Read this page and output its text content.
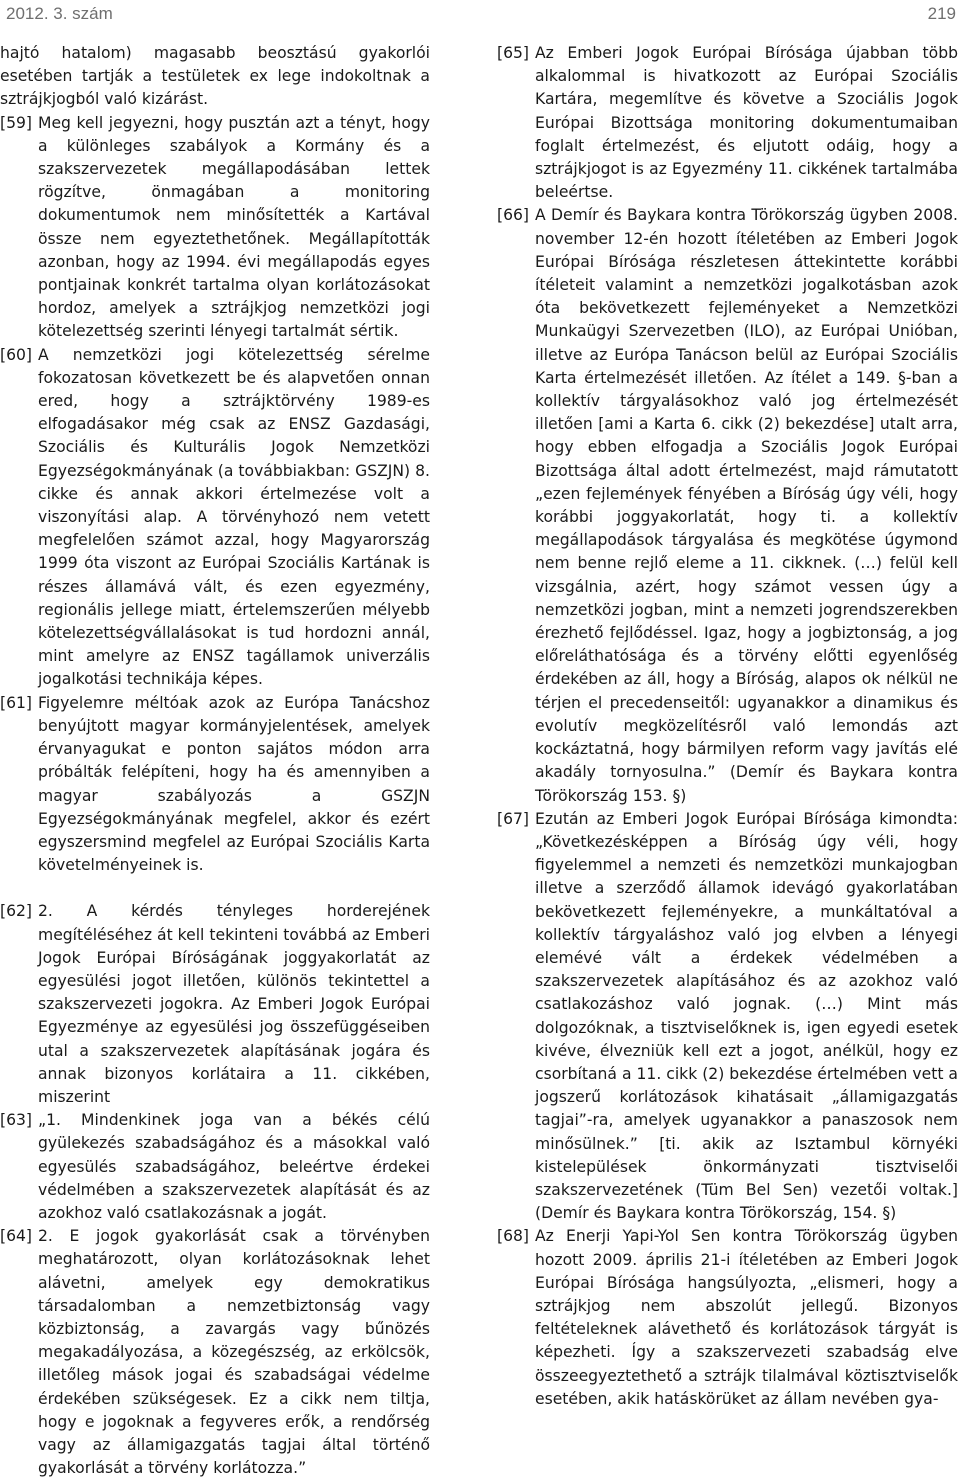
2012. 3. szám	219

hajtó hatalom) magasabb beosztású gyakorlói esetében tartják a testületek ex lege indokoltnak a sztrájkjogból való kizárást.

[59] Meg kell jegyezni, hogy pusztán azt a tényt, hogy a különleges szabályok a Kormány és a szakszervezetek megállapodásában lettek rögzítve, önmagában a monitoring dokumentumok nem minősítették a Kartával össze nem egyeztethetőnek. Megállapították azonban, hogy az 1994. évi megállapodás egyes pontjainak konkrét tartalma olyan korlátozásokat hordoz, amelyek a sztrájkjog nemzetközi jogi kötelezettség szerinti lényegi tartalmát sértik.

[60] A nemzetközi jogi kötelezettség sérelme fokozatosan következett be és alapvetően onnan ered, hogy a sztrájktörvény 1989-es elfogadásakor még csak az ENSZ Gazdasági, Szociális és Kulturális Jogok Nemzetközi Egyezségokmányának (a továbbiakban: GSZJN) 8. cikke és annak akkori értelmezése volt a viszonyítási alap. A törvényhozó nem vetett megfelelően számot azzal, hogy Magyarország 1999 óta viszont az Európai Szociális Kartának is részes államává vált, és ezen egyezmény, regionális jellege miatt, értelemszerűen mélyebb kötelezettségvállalásokat is tud hordozni annál, mint amelyre az ENSZ tagállamok univerzális jogalkotási technikája képes.

[61] Figyelemre méltóak azok az Európa Tanácshoz benyújtott magyar kormányjelentések, amelyek érvanyagukat e ponton sajátos módon arra próbálták felépíteni, hogy ha és amennyiben a magyar szabályozás a GSZJN Egyezségokmányának megfelel, akkor és ezért egyszersmind megfelel az Európai Szociális Karta követelményeinek is.

[62] 2. A kérdés tényleges horderejének megítéléséhez át kell tekinteni továbbá az Emberi Jogok Európai Bíróságának joggyakorlatát az egyesülési jogot illetően, különös tekintettel a szakszervezeti jogokra. Az Emberi Jogok Európai Egyezménye az egyesülési jog összefüggéseiben utal a szakszervezetek alapításának jogára és annak bizonyos korlátaira a 11. cikkében, miszerint

[63] „1. Mindenkinek joga van a békés célú gyülekezés szabadságához és a másokkal való egyesülés szabadságához, beleértve érdekei védelmében a szakszervezetek alapítását és az azokhoz való csatlakozásnak a jogát.

[64] 2. E jogok gyakorlását csak a törvényben meghatározott, olyan korlátozásoknak lehet alávetni, amelyek egy demokratikus társadalomban a nemzetbiztonság vagy közbiztonság, a zavargás vagy bűnözés megakadályozása, a közegészség, az erkölcsök, illetőleg mások jogai és szabadságai védelme érdekében szükségesek. Ez a cikk nem tiltja, hogy e jogoknak a fegyveres erők, a rendőrség vagy az államigazgatás tagjai által történő gyakorlását a törvény korlátozza.”

[65] Az Emberi Jogok Európai Bírósága újabban több alkalommal is hivatkozott az Európai Szociális Kartára, megemlítve és követve a Szociális Jogok Európai Bizottsága monitoring dokumentumaiban foglalt értelmezést, és eljutott odáig, hogy a sztrájkjogot is az Egyezmény 11. cikkének tartalmába beleértse.

[66] A Demír és Baykara kontra Törökország ügyben 2008. november 12-én hozott ítéletében az Emberi Jogok Európai Bírósága részletesen áttekintette korábbi ítéleteit valamint a nemzetközi jogalkotásban azok óta bekövetkezett fejleményeket a Nemzetközi Munkaügyi Szervezetben (ILO), az Európai Unióban, illetve az Európa Tanácson belül az Európai Szociális Karta értelmezését illetően. Az ítélet a 149. §-ban a kollektív tárgyalásokhoz való jog értelmezését illetően [ami a Karta 6. cikk (2) bekezdése] utalt arra, hogy ebben elfogadja a Szociális Jogok Európai Bizottsága által adott értelmezést, majd rámutatott „ezen fejlemények fényében a Bíróság úgy véli, hogy korábbi joggyakorlatát, hogy ti. a kollektív megállapodások tárgyalása és megkötése úgymond nem benne rejlő eleme a 11. cikknek. (…) felül kell vizsgálnia, azért, hogy számot vessen úgy a nemzetközi jogban, mint a nemzeti jogrendszerekben érezhető fejlődéssel. Igaz, hogy a jogbiztonság, a jog előreláthatósága és a törvény előtti egyenlőség érdekében az áll, hogy a Bíróság, alapos ok nélkül ne térjen el precedenseitől: ugyanakkor a dinamikus és evolutív megközelítésről való lemondás azt kockáztatná, hogy bármilyen reform vagy javítás elé akadály tornyosulna.” (Demír és Baykara kontra Törökország 153. §)

[67] Ezután az Emberi Jogok Európai Bírósága kimondta: „Következésképpen a Bíróság úgy véli, hogy figyelemmel a nemzeti és nemzetközi munkajogban illetve a szerződő államok idevágó gyakorlatában bekövetkezett fejleményekre, a munkáltatóval a kollektív tárgyaláshoz való jog elvben a lényegi elemévé vált a érdekek védelmében a szakszervezetek alapításához és az azokhoz való csatlakozáshoz való jognak. (…) Mint más dolgozóknak, a tisztviselőknek is, igen egyedi esetek kivéve, élvezniük kell ezt a jogot, anélkül, hogy ez csorbítaná a 11. cikk (2) bekezdése értelmében vett a jogszerű korlátozások kihatásait „államigazgatás tagjai”-ra, amelyek ugyanakkor a panaszosok nem minősülnek.” [ti. akik az Isztambul környéki kistelepülések önkormányzati tisztviselői szakszervezetének (Tüm Bel Sen) vezetői voltak.] (Demír és Baykara kontra Törökország, 154. §)

[68] Az Enerji Yapi-Yol Sen kontra Törökország ügyben hozott 2009. április 21-i ítéletében az Emberi Jogok Európai Bírósága hangsúlyozta, „elismeri, hogy a sztrájkjog nem abszolút jellegű. Bizonyos feltételeknek alávethető és korlátozások tárgyát is képezheti. Így a szakszervezeti szabadság elve összeegyeztethető a sztrájk tilalmával köztisztviselők esetében, akik hatáskörüket az állam nevében gya-
